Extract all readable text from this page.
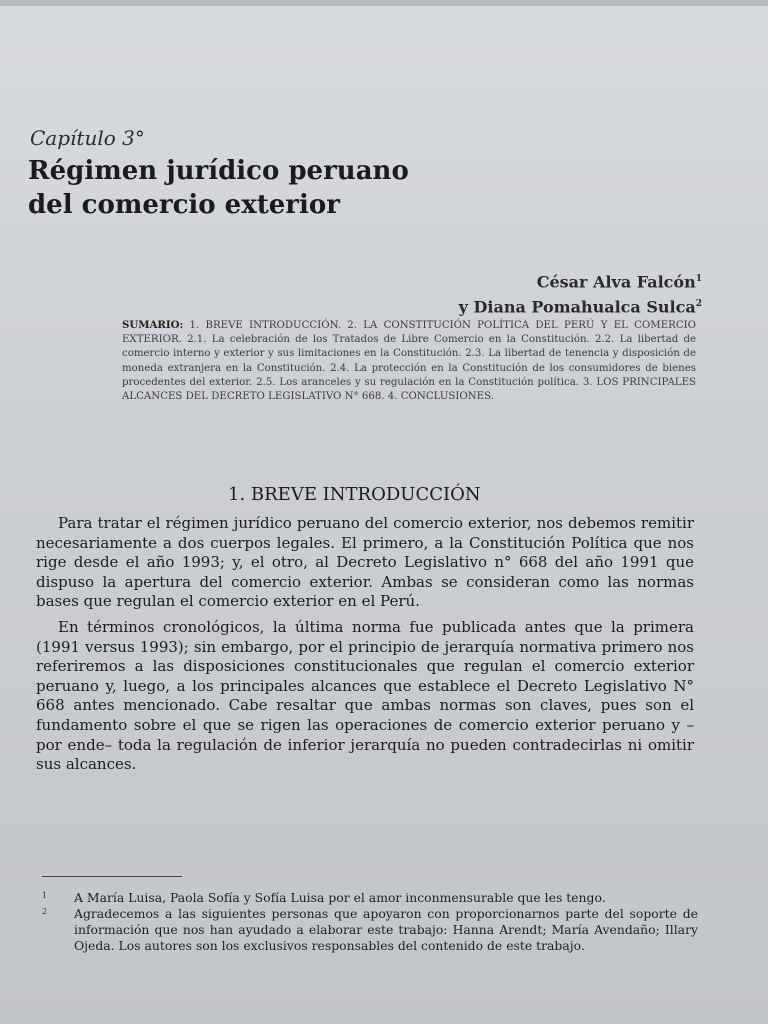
Capítulo 3°
Régimen jurídico peruano
del comercio exterior
César Alva Falcón$^1$
y Diana Pomahualca Sulca$^2$
SUMARIO: 1. BREVE INTRODUCCIÓN. 2. LA CONSTITUCIÓN POLÍTICA DEL PERÚ Y EL COMERCIO EXTERIOR. 2.1. La celebración de los Tratados de Libre Comercio en la Constitución. 2.2. La libertad de comercio interno y exterior y sus limitaciones en la Constitución. 2.3. La libertad de tenencia y disposición de moneda extranjera en la Constitución. 2.4. La protección en la Constitución de los consumidores de bienes procedentes del exterior. 2.5. Los aranceles y su regulación en la Constitución política. 3. LOS PRINCIPALES ALCANCES DEL DECRETO LEGISLATIVO N° 668. 4. CONCLUSIONES.
1. BREVE INTRODUCCIÓN

Para tratar el régimen jurídico peruano del comercio exterior, nos debemos remitir necesariamente a dos cuerpos legales. El primero, a la Constitución Política que nos rige desde el año 1993; y, el otro, al Decreto Legislativo n° 668 del año 1991 que dispuso la apertura del comercio exterior. Ambas se consideran como las normas bases que regulan el comercio exterior en el Perú.

En términos cronológicos, la última norma fue publicada antes que la primera (1991 versus 1993); sin embargo, por el principio de jerarquía normativa primero nos referiremos a las disposiciones constitucionales que regulan el comercio exterior peruano y, luego, a los principales alcances que establece el Decreto Legislativo N° 668 antes mencionado. Cabe resaltar que ambas normas son claves, pues son el fundamento sobre el que se rigen las operaciones de comercio exterior peruano y –por ende– toda la regulación de inferior jerarquía no pueden contradecirlas ni omitir sus alcances.

1	A María Luisa, Paola Sofía y Sofía Luisa por el amor inconmensurable que les tengo.
2	Agradecemos a las siguientes personas que apoyaron con proporcionarnos parte del soporte de información que nos han ayudado a elaborar este trabajo: Hanna Arendt; María Avendaño; Illary Ojeda. Los autores son los exclusivos responsables del contenido de este trabajo.
